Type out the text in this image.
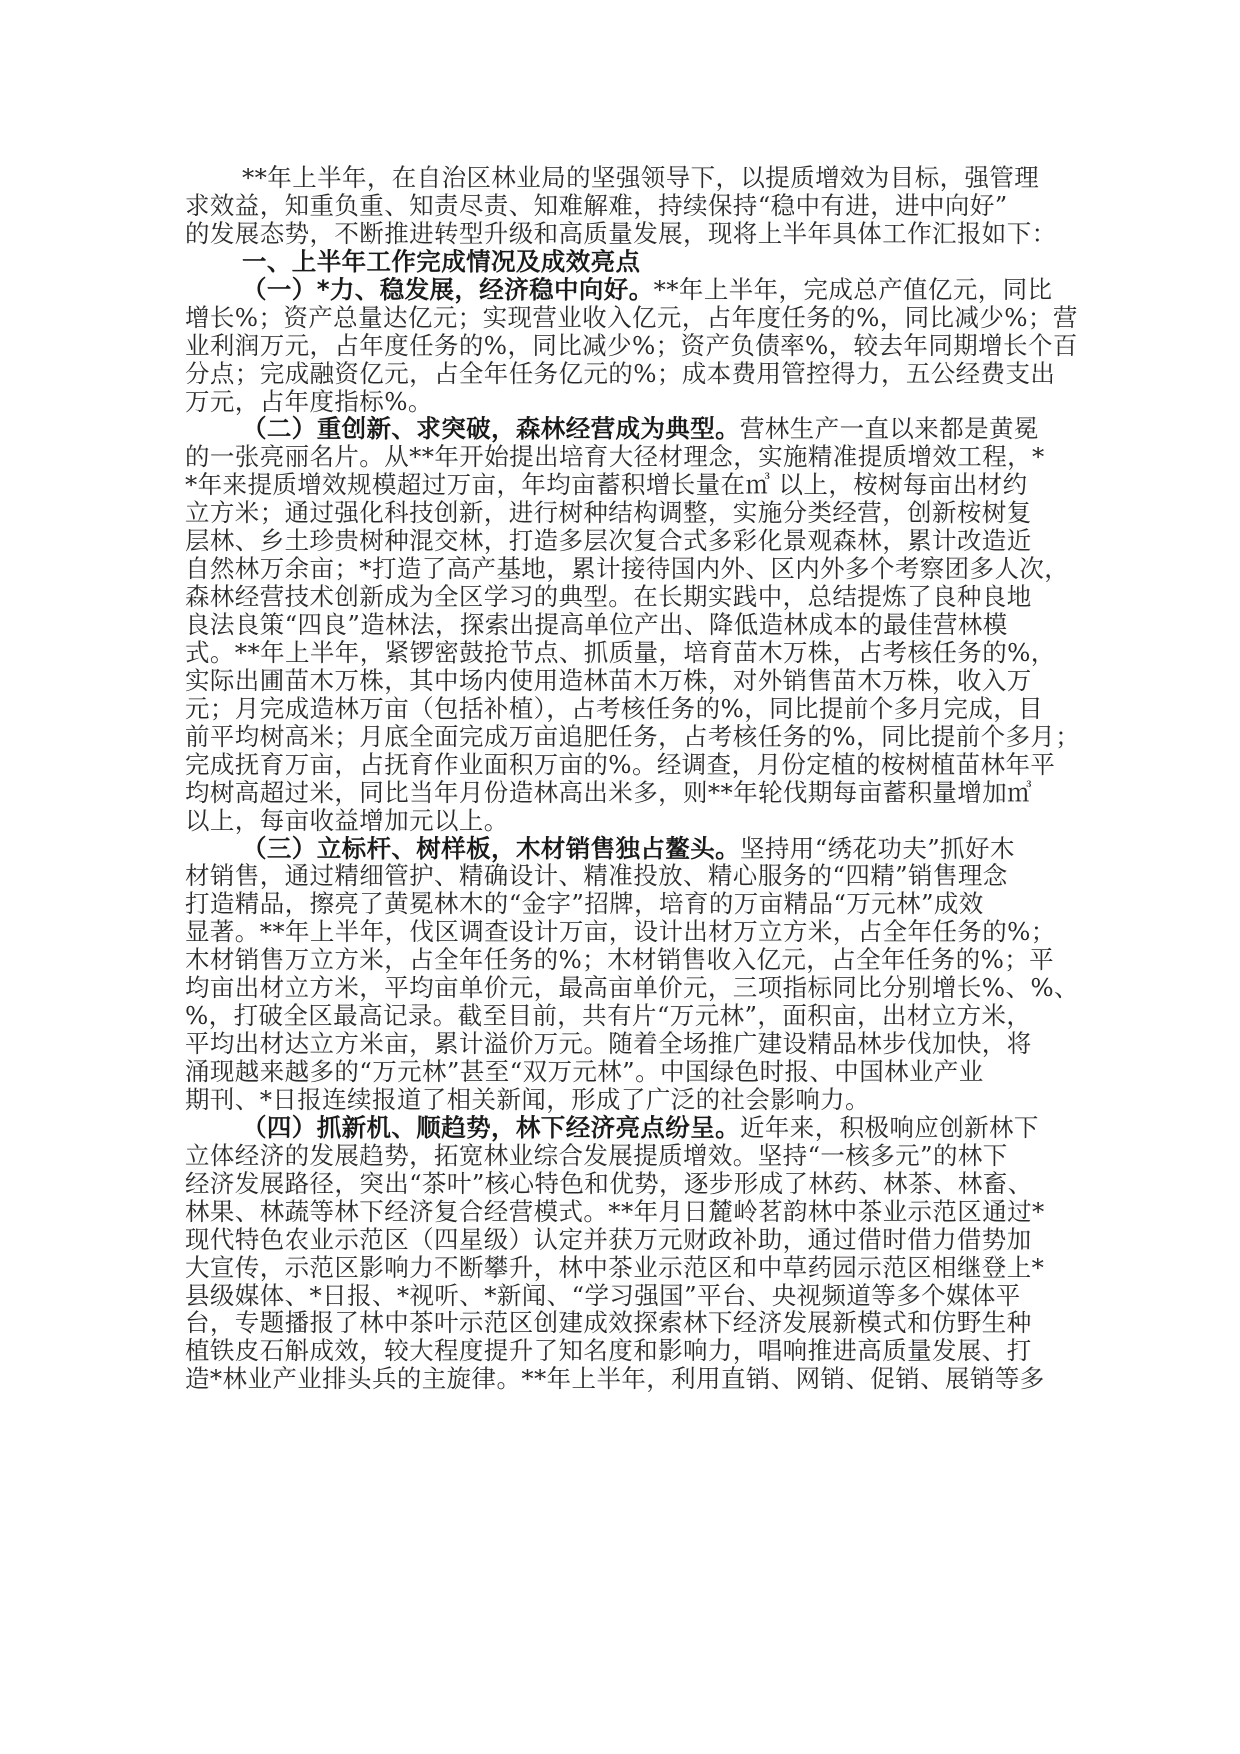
**年上半年，在自治区林业局的坚强领导下，以提质增效为目标，强管理
求效益，知重负重、知责尽责、知难解难，持续保持“稳中有进，进中向好”
的发展态势，不断推进转型升级和高质量发展，现将上半年具体工作汇报如下：
一、上半年工作完成情况及成效亮点
（一）*力、稳发展，经济稳中向好。**年上半年，完成总产值亿元，同比
增长%；资产总量达亿元；实现营业收入亿元，占年度任务的%，同比减少%；营
业利润万元，占年度任务的%，同比减少%；资产负债率%，较去年同期增长个百
分点；完成融资亿元，占全年任务亿元的%；成本费用管控得力，五公经费支出
万元，占年度指标%。
（二）重创新、求突破，森林经营成为典型。营林生产一直以来都是黄冕
的一张亮丽名片。从**年开始提出培育大径材理念，实施精准提质增效工程，*
*年来提质增效规模超过万亩，年均亩蓄积增长量在㎥ 以上，桉树每亩出材约
立方米；通过强化科技创新，进行树种结构调整，实施分类经营，创新桉树复
层林、乡土珍贵树种混交林，打造多层次复合式多彩化景观森林，累计改造近
自然林万余亩；*打造了高产基地，累计接待国内外、区内外多个考察团多人次，
森林经营技术创新成为全区学习的典型。在长期实践中，总结提炼了良种良地
良法良策“四良”造林法，探索出提高单位产出、降低造林成本的最佳营林模
式。**年上半年，紧锣密鼓抢节点、抓质量，培育苗木万株，占考核任务的%，
实际出圃苗木万株，其中场内使用造林苗木万株，对外销售苗木万株，收入万
元；月完成造林万亩（包括补植），占考核任务的%，同比提前个多月完成，目
前平均树高米；月底全面完成万亩追肥任务，占考核任务的%，同比提前个多月；
完成抚育万亩，占抚育作业面积万亩的%。经调查，月份定植的桉树植苗林年平
均树高超过米，同比当年月份造林高出米多，则**年轮伐期每亩蓄积量增加㎥
以上，每亩收益增加元以上。
（三）立标杆、树样板，木材销售独占鳌头。坚持用“绣花功夫”抓好木
材销售，通过精细管护、精确设计、精准投放、精心服务的“四精”销售理念
打造精品，擦亮了黄冕林木的“金字”招牌，培育的万亩精品“万元林”成效
显著。**年上半年，伐区调查设计万亩，设计出材万立方米，占全年任务的%；
木材销售万立方米，占全年任务的%；木材销售收入亿元，占全年任务的%；平
均亩出材立方米，平均亩单价元，最高亩单价元，三项指标同比分别增长%、%、
%，打破全区最高记录。截至目前，共有片“万元林”，面积亩，出材立方米，
平均出材达立方米亩，累计溢价万元。随着全场推广建设精品林步伐加快，将
涌现越来越多的“万元林”甚至“双万元林”。中国绿色时报、中国林业产业
期刊、*日报连续报道了相关新闻，形成了广泛的社会影响力。
（四）抓新机、顺趋势，林下经济亮点纷呈。近年来，积极响应创新林下
立体经济的发展趋势，拓宽林业综合发展提质增效。坚持“一核多元”的林下
经济发展路径，突出“茶叶”核心特色和优势，逐步形成了林药、林茶、林畜、
林果、林蔬等林下经济复合经营模式。**年月日麓岭茗韵林中茶业示范区通过*
现代特色农业示范区（四星级）认定并获万元财政补助，通过借时借力借势加
大宣传，示范区影响力不断攀升，林中茶业示范区和中草药园示范区相继登上*
县级媒体、*日报、*视听、*新闻、“学习强国”平台、央视频道等多个媒体平
台，专题播报了林中茶叶示范区创建成效探索林下经济发展新模式和仿野生种
植铁皮石斛成效，较大程度提升了知名度和影响力，唱响推进高质量发展、打
造*林业产业排头兵的主旋律。**年上半年，利用直销、网销、促销、展销等多
